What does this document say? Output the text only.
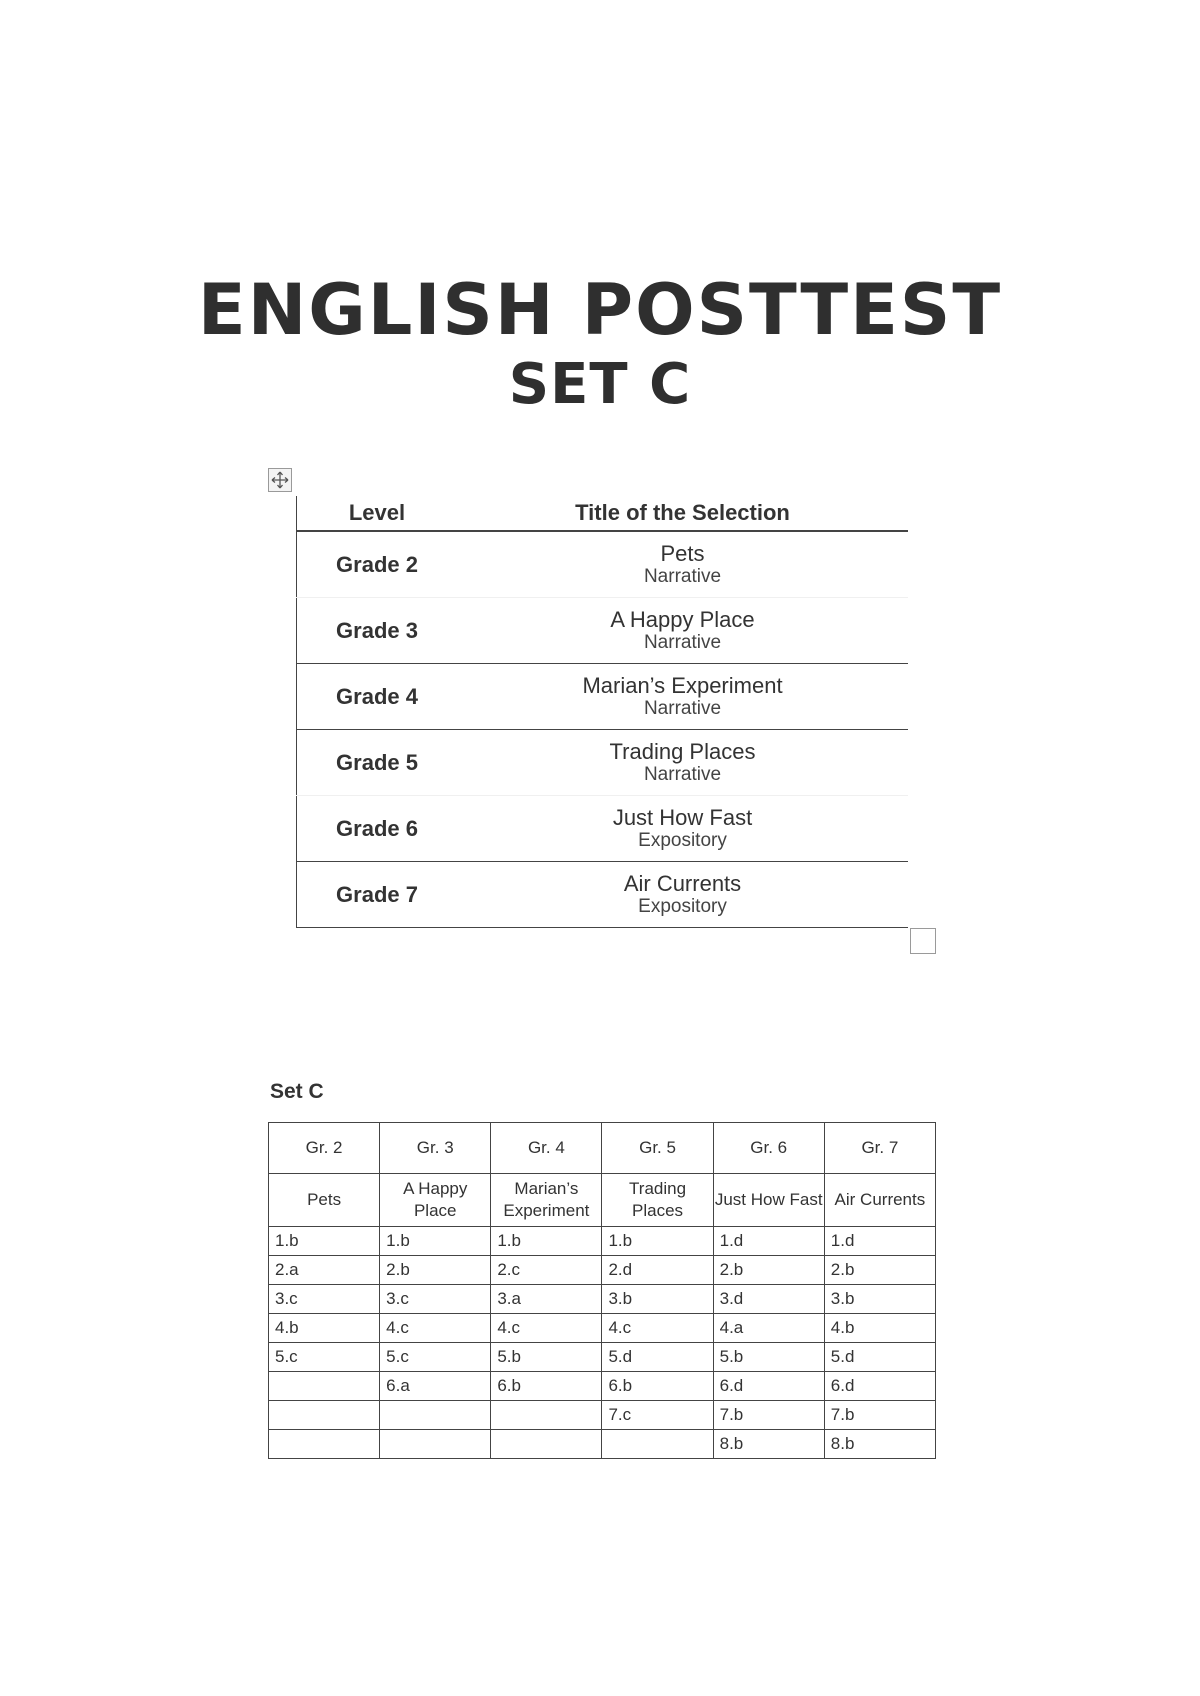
ENGLISH POSTTEST
SET C
Level	Title of the Selection
Grade 2	Pets
Narrative

Grade 3	A Happy Place
Narrative

Grade 4	Marian’s Experiment
Narrative

Grade 5	Trading Places
Narrative

Grade 6	Just How Fast
Expository

Grade 7	Air Currents
Expository
Set C
Gr. 2	Gr. 3	Gr. 4	Gr. 5	Gr. 6	Gr. 7
Pets	A Happy Place	Marian’s Experiment	Trading Places	Just How Fast	Air Currents
1.b	1.b	1.b	1.b	1.d	1.d
2.a	2.b	2.c	2.d	2.b	2.b
3.c	3.c	3.a	3.b	3.d	3.b
4.b	4.c	4.c	4.c	4.a	4.b
5.c	5.c	5.b	5.d	5.b	5.d
	6.a	6.b	6.b	6.d	6.d
			7.c	7.b	7.b
				8.b	8.b
